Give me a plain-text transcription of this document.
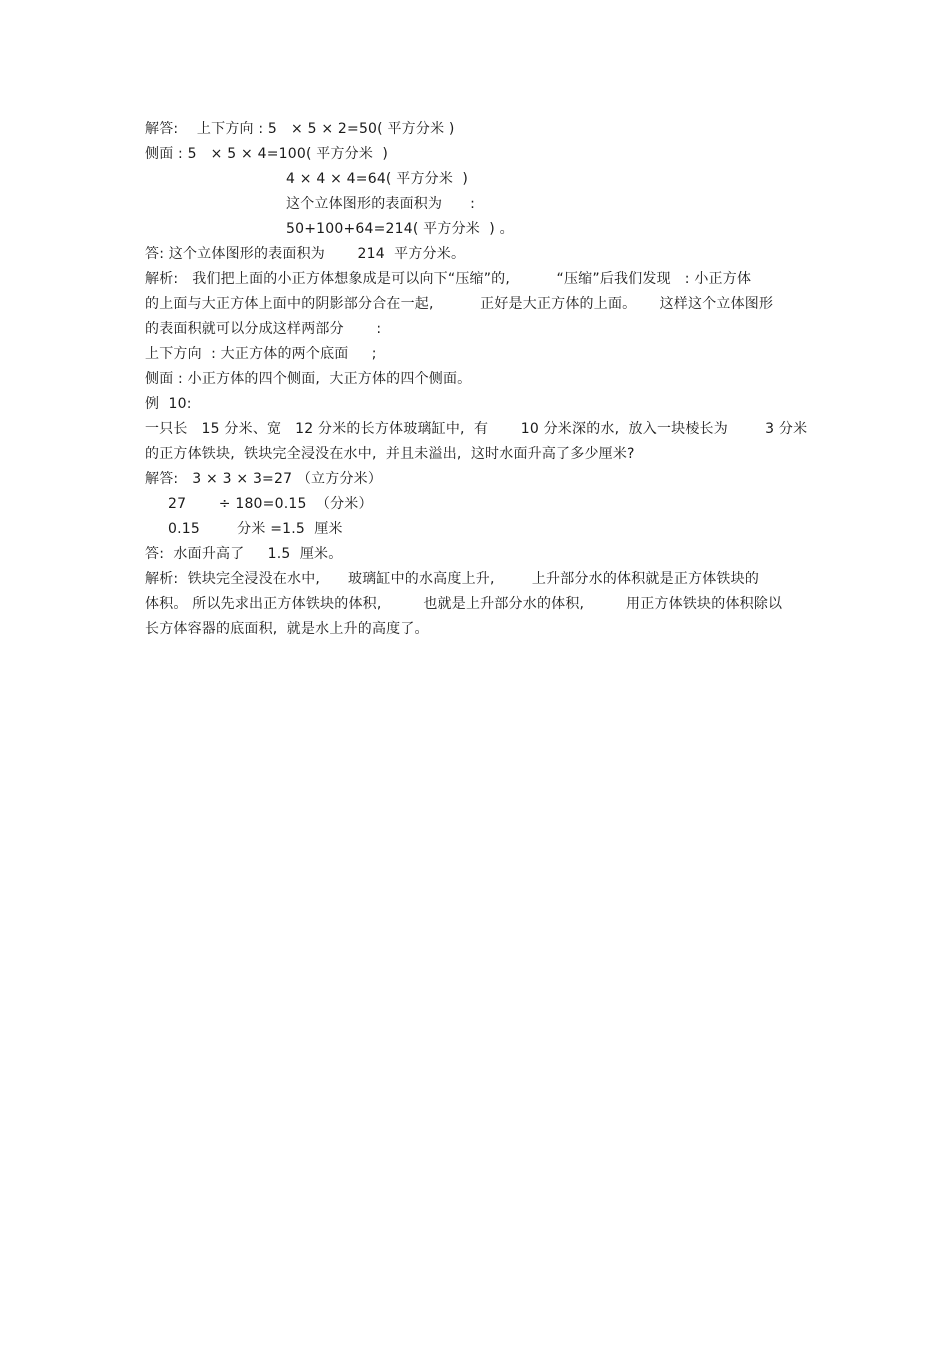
解答:    上下方向 : 5   × 5 × 2=50( 平方分米 )
侧面 : 5   × 5 × 4=100( 平方分米  )
4 × 4 × 4=64( 平方分米  )
这个立体图形的表面积为      :
50+100+64=214( 平方分米  ) 。
答: 这个立体图形的表面积为       214  平方分米。
解析:   我们把上面的小正方体想象成是可以向下“压缩”的,          “压缩”后我们发现   : 小正方体
的上面与大正方体上面中的阴影部分合在一起,          正好是大正方体的上面。     这样这个立体图形
的表面积就可以分成这样两部分       :
上下方向  : 大正方体的两个底面     ;
侧面 : 小正方体的四个侧面,  大正方体的四个侧面。
例  10:
一只长   15 分米、宽   12 分米的长方体玻璃缸中,  有       10 分米深的水,  放入一块棱长为        3 分米
的正方体铁块,  铁块完全浸没在水中,  并且未溢出,  这时水面升高了多少厘米?
解答:   3 × 3 × 3=27 （立方分米）
27       ÷ 180=0.15  （分米）
0.15        分米 =1.5  厘米
答:  水面升高了     1.5  厘米。
解析:  铁块完全浸没在水中,      玻璃缸中的水高度上升,        上升部分水的体积就是正方体铁块的
体积。 所以先求出正方体铁块的体积,         也就是上升部分水的体积,         用正方体铁块的体积除以
长方体容器的底面积,  就是水上升的高度了。
